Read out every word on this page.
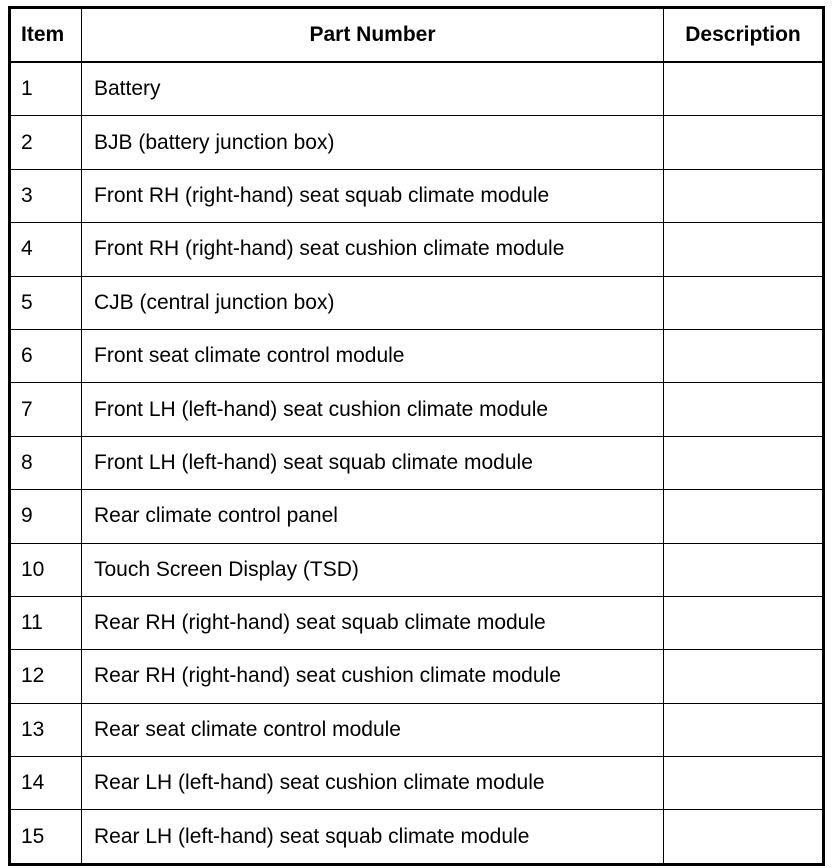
Item	Part Number	Description
1	Battery	
2	BJB (battery junction box)	
3	Front RH (right-hand) seat squab climate module	
4	Front RH (right-hand) seat cushion climate module	
5	CJB (central junction box)	
6	Front seat climate control module	
7	Front LH (left-hand) seat cushion climate module	
8	Front LH (left-hand) seat squab climate module	
9	Rear climate control panel	
10	Touch Screen Display (TSD)	
11	Rear RH (right-hand) seat squab climate module	
12	Rear RH (right-hand) seat cushion climate module	
13	Rear seat climate control module	
14	Rear LH (left-hand) seat cushion climate module	
15	Rear LH (left-hand) seat squab climate module	
